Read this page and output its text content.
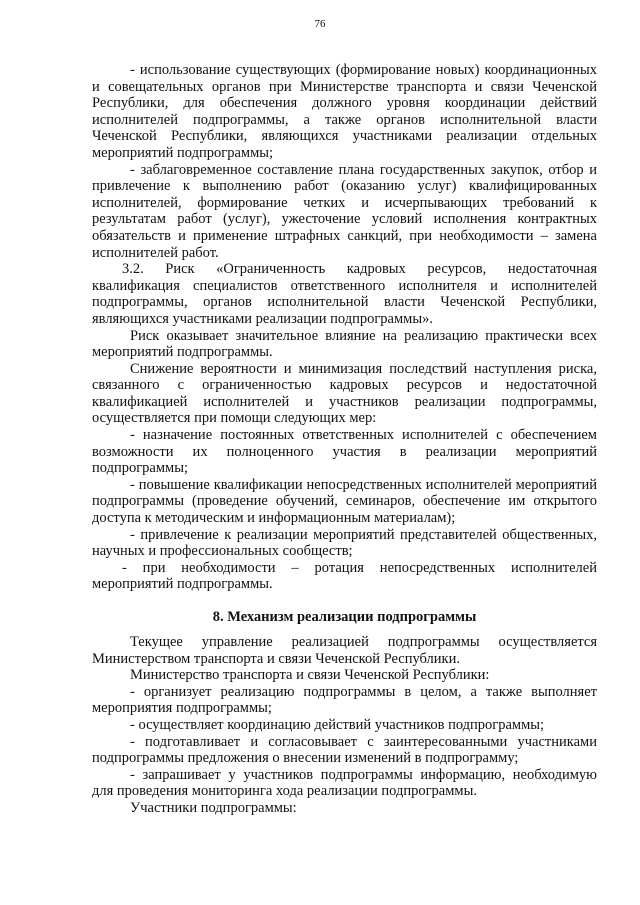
76

- использование существующих (формирование новых) координационных и совещательных органов при Министерстве транспорта и связи Чеченской Республики, для обеспечения должного уровня координации действий исполнителей подпрограммы, а также органов исполнительной власти Чеченской Республики, являющихся участниками реализации отдельных мероприятий подпрограммы;

- заблаговременное составление плана государственных закупок, отбор и привлечение к выполнению работ (оказанию услуг) квалифицированных исполнителей, формирование четких и исчерпывающих требований к результатам работ (услуг), ужесточение условий исполнения контрактных обязательств и применение штрафных санкций, при необходимости – замена исполнителей работ.

3.2. Риск «Ограниченность кадровых ресурсов, недостаточная квалификация специалистов ответственного исполнителя и исполнителей подпрограммы, органов исполнительной власти Чеченской Республики, являющихся участниками реализации подпрограммы».

Риск оказывает значительное влияние на реализацию практически всех мероприятий подпрограммы.

Снижение вероятности и минимизация последствий наступления риска, связанного с ограниченностью кадровых ресурсов и недостаточной квалификацией исполнителей и участников реализации подпрограммы, осуществляется при помощи следующих мер:

- назначение постоянных ответственных исполнителей с обеспечением возможности их полноценного участия в реализации мероприятий подпрограммы;

- повышение квалификации непосредственных исполнителей мероприятий подпрограммы (проведение обучений, семинаров, обеспечение им открытого доступа к методическим и информационным материалам);

- привлечение к реализации мероприятий представителей общественных, научных и профессиональных сообществ;

- при необходимости – ротация непосредственных исполнителей мероприятий подпрограммы.

8. Механизм реализации подпрограммы

Текущее управление реализацией подпрограммы осуществляется Министерством транспорта и связи Чеченской Республики.

Министерство транспорта и связи Чеченской Республики:

- организует реализацию подпрограммы в целом, а также выполняет мероприятия подпрограммы;

- осуществляет координацию действий участников подпрограммы;

- подготавливает и согласовывает с заинтересованными участниками подпрограммы предложения о внесении изменений в подпрограмму;

- запрашивает у участников подпрограммы информацию, необходимую для проведения мониторинга хода реализации подпрограммы.

Участники подпрограммы:
